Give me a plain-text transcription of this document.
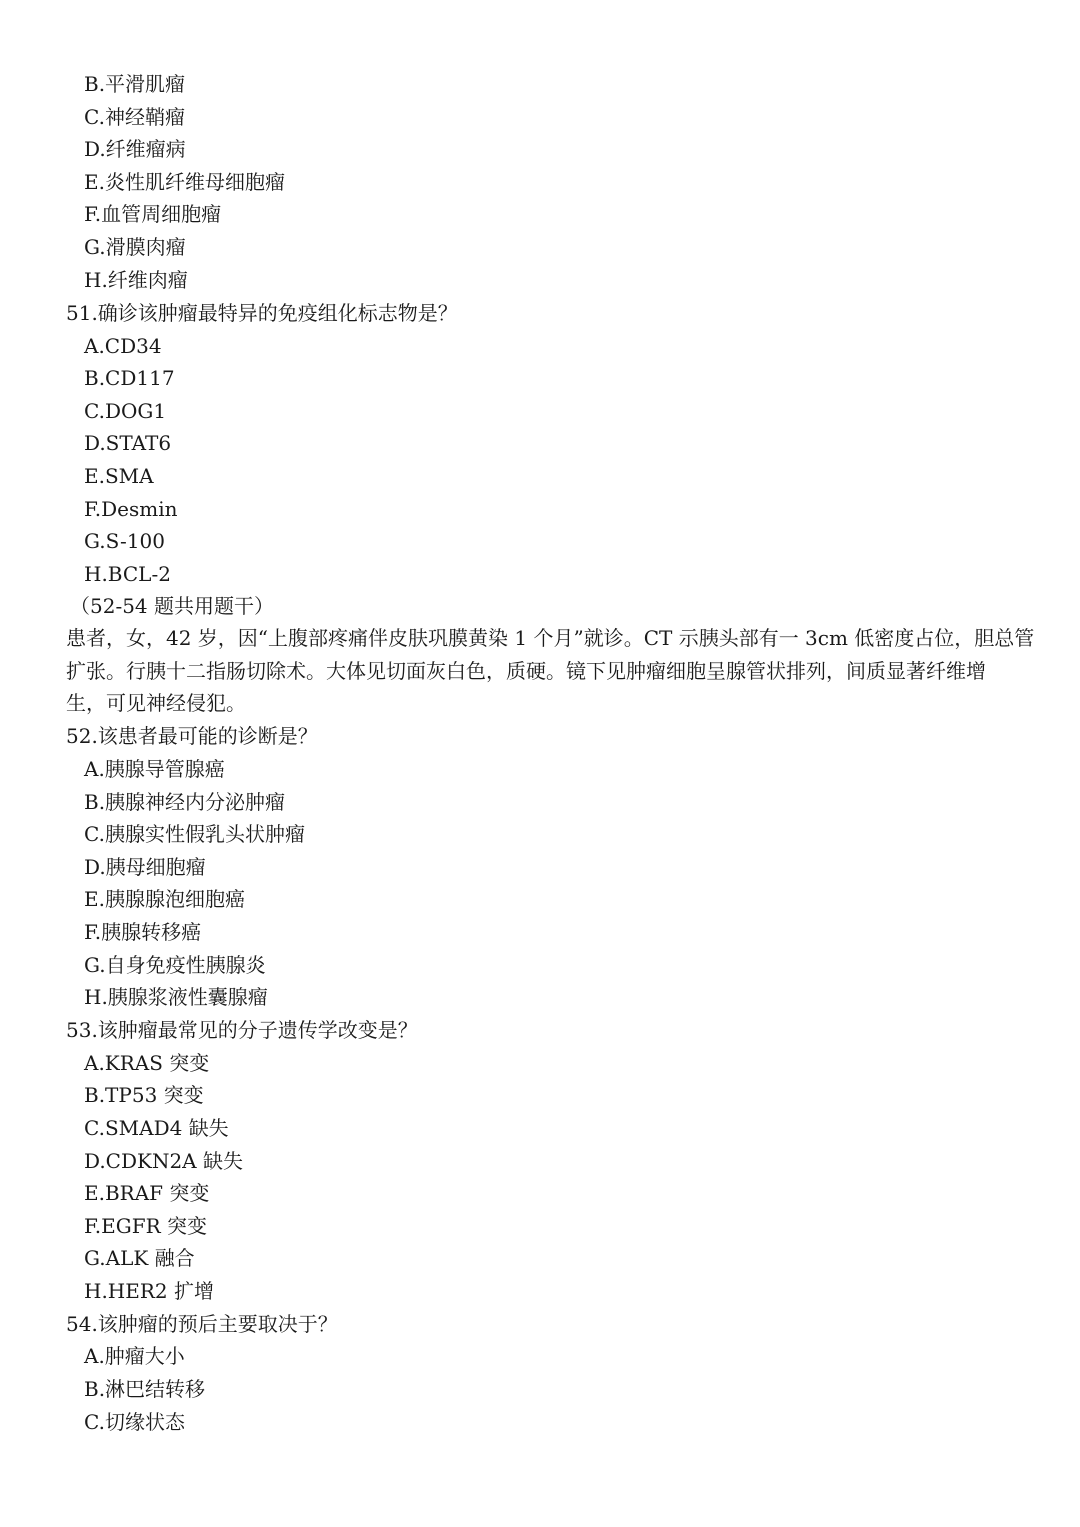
B.平滑肌瘤
C.神经鞘瘤
D.纤维瘤病
E.炎性肌纤维母细胞瘤
F.血管周细胞瘤
G.滑膜肉瘤
H.纤维肉瘤
51.确诊该肿瘤最特异的免疫组化标志物是？
A.CD34
B.CD117
C.DOG1
D.STAT6
E.SMA
F.Desmin
G.S-100
H.BCL-2
（52-54 题共用题干）
患者，女，42 岁，因“上腹部疼痛伴皮肤巩膜黄染 1 个月”就诊。CT 示胰头部有一 3cm 低密度占位，胆总管
扩张。行胰十二指肠切除术。大体见切面灰白色，质硬。镜下见肿瘤细胞呈腺管状排列，间质显著纤维增
生，可见神经侵犯。
52.该患者最可能的诊断是？
A.胰腺导管腺癌
B.胰腺神经内分泌肿瘤
C.胰腺实性假乳头状肿瘤
D.胰母细胞瘤
E.胰腺腺泡细胞癌
F.胰腺转移癌
G.自身免疫性胰腺炎
H.胰腺浆液性囊腺瘤
53.该肿瘤最常见的分子遗传学改变是？
A.KRAS 突变
B.TP53 突变
C.SMAD4 缺失
D.CDKN2A 缺失
E.BRAF 突变
F.EGFR 突变
G.ALK 融合
H.HER2 扩增
54.该肿瘤的预后主要取决于？
A.肿瘤大小
B.淋巴结转移
C.切缘状态
